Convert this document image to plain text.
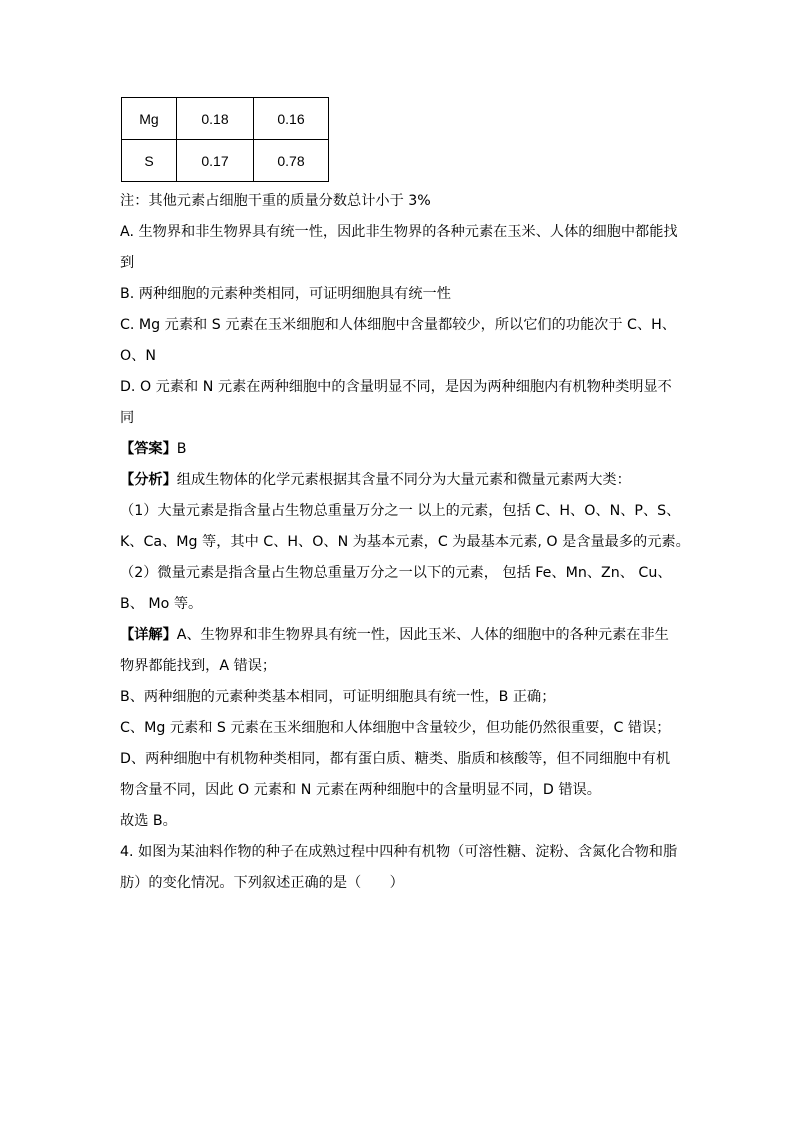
Mg	0.18	0.16
S	0.17	0.78

注：其他元素占细胞干重的质量分数总计小于 3%

A. 生物界和非生物界具有统一性，因此非生物界的各种元素在玉米、人体的细胞中都能找

到

B. 两种细胞的元素种类相同，可证明细胞具有统一性

C. Mg 元素和 S 元素在玉米细胞和人体细胞中含量都较少，所以它们的功能次于 C、H、

O、N

D. O 元素和 N 元素在两种细胞中的含量明显不同，是因为两种细胞内有机物种类明显不

同

【答案】B

【分析】组成生物体的化学元素根据其含量不同分为大量元素和微量元素两大类：

（1）大量元素是指含量占生物总重量万分之一 以上的元素，包括 C、H、O、N、P、S、

K、Ca、Mg 等，其中 C、H、O、N 为基本元素，C 为最基本元素, O 是含量最多的元素。

（2）微量元素是指含量占生物总重量万分之一以下的元素， 包括 Fe、Mn、Zn、 Cu、

B、 Mo 等。

【详解】A、生物界和非生物界具有统一性，因此玉米、人体的细胞中的各种元素在非生

物界都能找到，A 错误；

B、两种细胞的元素种类基本相同，可证明细胞具有统一性，B 正确；

C、Mg 元素和 S 元素在玉米细胞和人体细胞中含量较少，但功能仍然很重要，C 错误；

D、两种细胞中有机物种类相同，都有蛋白质、糖类、脂质和核酸等，但不同细胞中有机

物含量不同，因此 O 元素和 N 元素在两种细胞中的含量明显不同，D 错误。

故选 B。

4. 如图为某油料作物的种子在成熟过程中四种有机物（可溶性糖、淀粉、含氮化合物和脂

肪）的变化情况。下列叙述正确的是（　　）
